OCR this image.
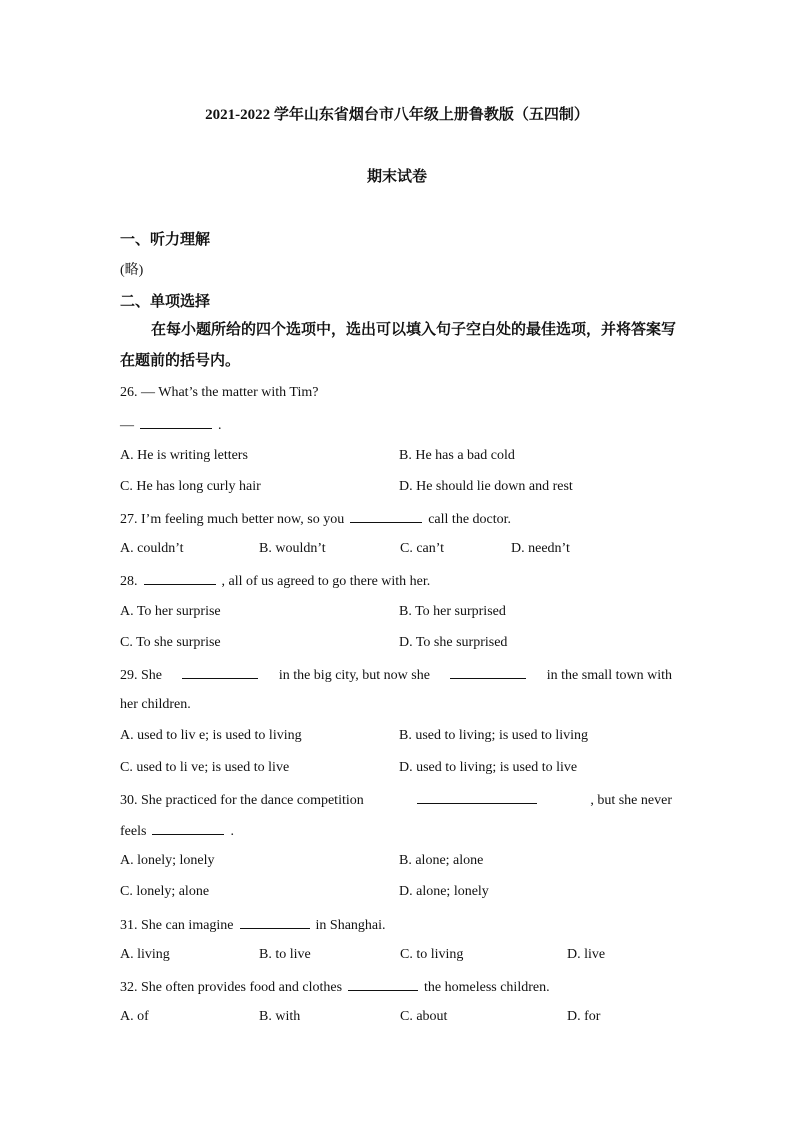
2021-2022 学年山东省烟台市八年级上册鲁教版（五四制）
期末试卷
一、听力理解
(略)
二、单项选择
在每小题所给的四个选项中，选出可以填入句子空白处的最佳选项，并将答案写在题前的括号内。
26. — What’s the matter with Tim?
—	.
A. He is writing letters	B. He has a bad cold
C. He has long curly hair	D. He should lie down and rest
27. I’m feeling much better now, so you	call the doctor.
A. couldn’t	B. wouldn’t	C. can’t	D. needn’t
28.	, all of us agreed to go there with her.
A. To her surprise	B. To her surprised
C. To she surprise	D. To she surprised
29. She	in the big city, but now she	in the small town with
her children.
A. used to liv e; is used to living	B. used to living; is used to living
C. used to li ve; is used to live	D. used to living; is used to live
30. She practiced for the dance competition	, but she never
feels	.
A. lonely; lonely	B. alone; alone
C. lonely; alone	D. alone; lonely
31. She can imagine	in Shanghai.
A. living	B. to live	C. to living	D. live
32. She often provides food and clothes	the homeless children.
A. of	B. with	C. about	D. for
